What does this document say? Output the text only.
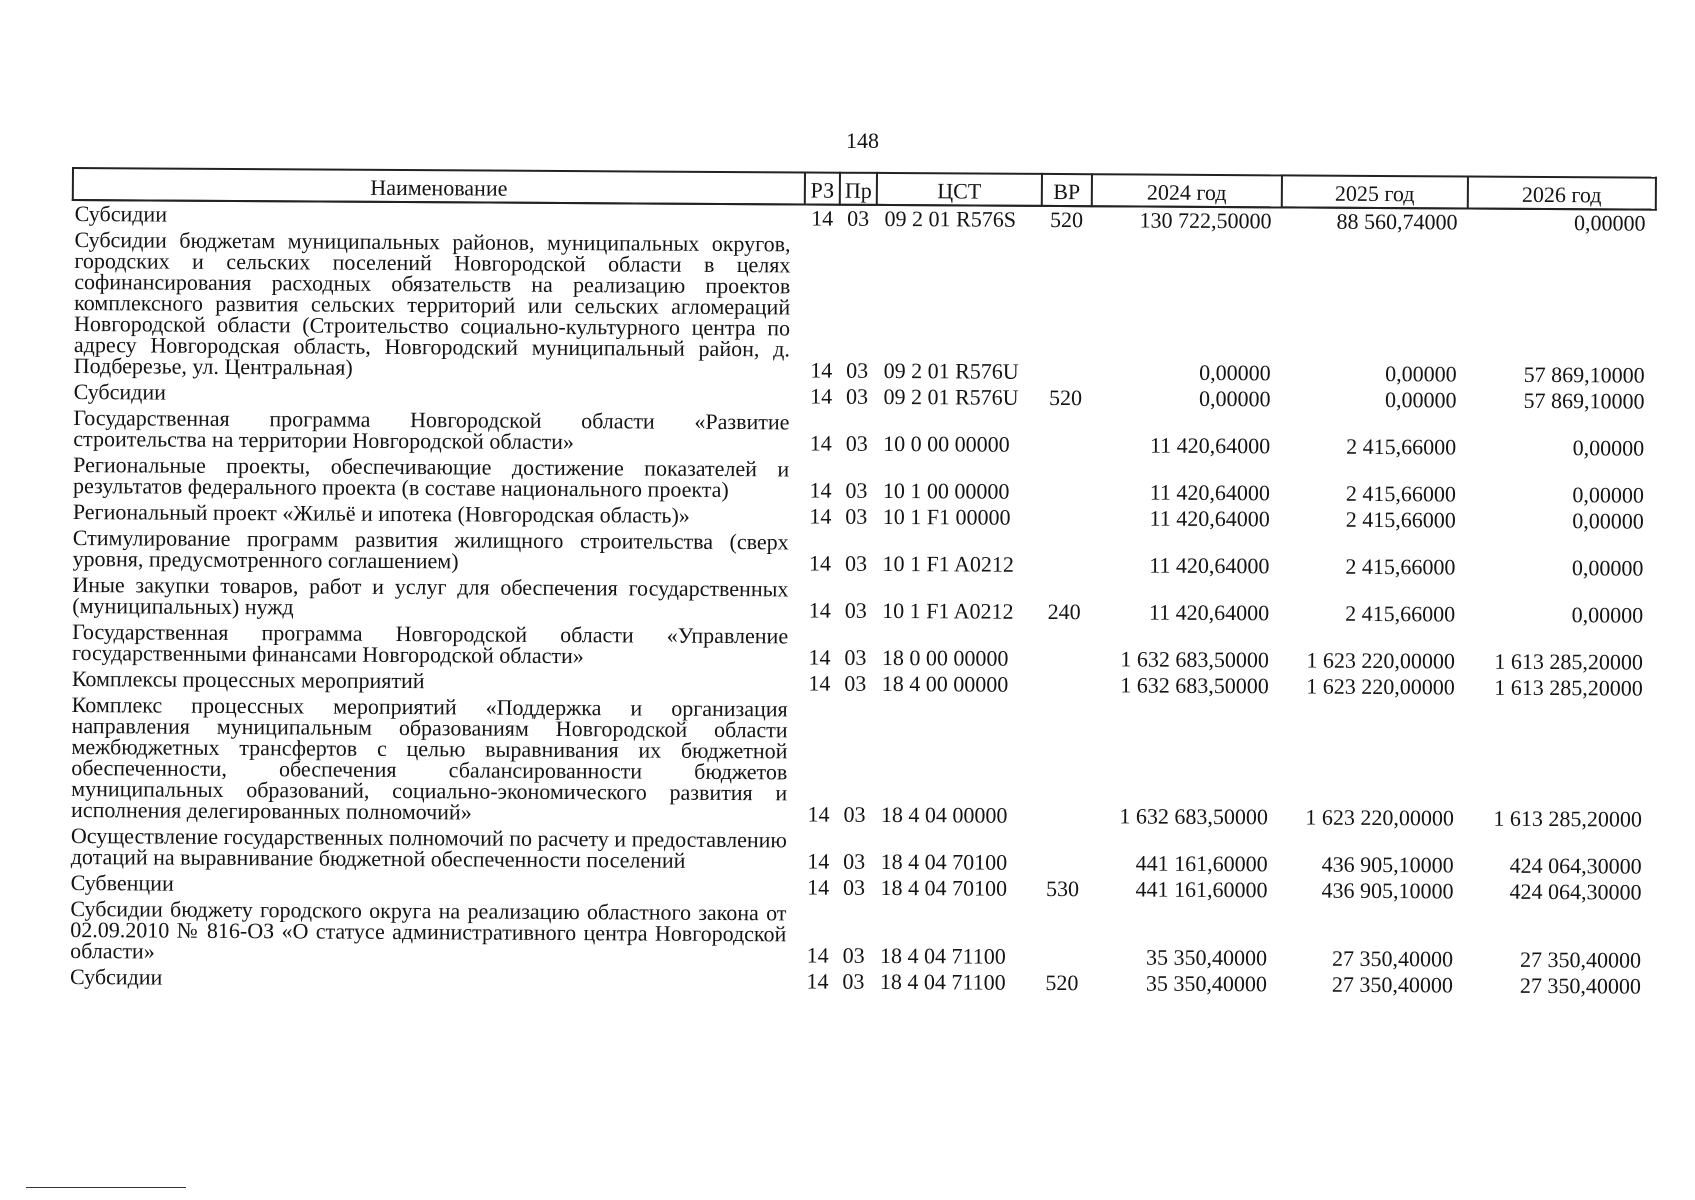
148
Наименование	РЗ	Пр	ЦСТ	ВР	2024 год	2025 год	2026 год
Субсидии	14	03	09 2 01 R576S	520	130 722,50000	88 560,74000	0,00000
Субсидии бюджетам муниципальных районов, муниципальных округов, городских и сельских поселений Новгородской области в целях софинансирования расходных обязательств на реализацию проектов комплексного развития сельских территорий или сельских агломераций Новгородской области (Строительство социально-культурного центра по адресу Новгородская область, Новгородский муниципальный район, д. Подберезье, ул. Центральная)	14	03	09 2 01 R576U		0,00000	0,00000	57 869,10000
Субсидии	14	03	09 2 01 R576U	520	0,00000	0,00000	57 869,10000
Государственная программа Новгородской области «Развитие строительства на территории Новгородской области»	14	03	10 0 00 00000		11 420,64000	2 415,66000	0,00000
Региональные проекты, обеспечивающие достижение показателей и результатов федерального проекта (в составе национального проекта)	14	03	10 1 00 00000		11 420,64000	2 415,66000	0,00000
Региональный проект «Жильё и ипотека (Новгородская область)»	14	03	10 1 F1 00000		11 420,64000	2 415,66000	0,00000
Стимулирование программ развития жилищного строительства (сверх уровня, предусмотренного соглашением)	14	03	10 1 F1 A0212		11 420,64000	2 415,66000	0,00000
Иные закупки товаров, работ и услуг для обеспечения государственных (муниципальных) нужд	14	03	10 1 F1 A0212	240	11 420,64000	2 415,66000	0,00000
Государственная программа Новгородской области «Управление государственными финансами Новгородской области»	14	03	18 0 00 00000		1 632 683,50000	1 623 220,00000	1 613 285,20000
Комплексы процессных мероприятий	14	03	18 4 00 00000		1 632 683,50000	1 623 220,00000	1 613 285,20000
Комплекс процессных мероприятий «Поддержка и организация направления муниципальным образованиям Новгородской области межбюджетных трансфертов с целью выравнивания их бюджетной обеспеченности, обеспечения сбалансированности бюджетов муниципальных образований, социально-экономического развития и исполнения делегированных полномочий»	14	03	18 4 04 00000		1 632 683,50000	1 623 220,00000	1 613 285,20000
Осуществление государственных полномочий по расчету и предоставлению дотаций на выравнивание бюджетной обеспеченности поселений	14	03	18 4 04 70100		441 161,60000	436 905,10000	424 064,30000
Субвенции	14	03	18 4 04 70100	530	441 161,60000	436 905,10000	424 064,30000
Субсидии бюджету городского округа на реализацию областного закона от 02.09.2010 № 816-ОЗ «О статусе административного центра Новгородской области»	14	03	18 4 04 71100		35 350,40000	27 350,40000	27 350,40000
Субсидии	14	03	18 4 04 71100	520	35 350,40000	27 350,40000	27 350,40000
